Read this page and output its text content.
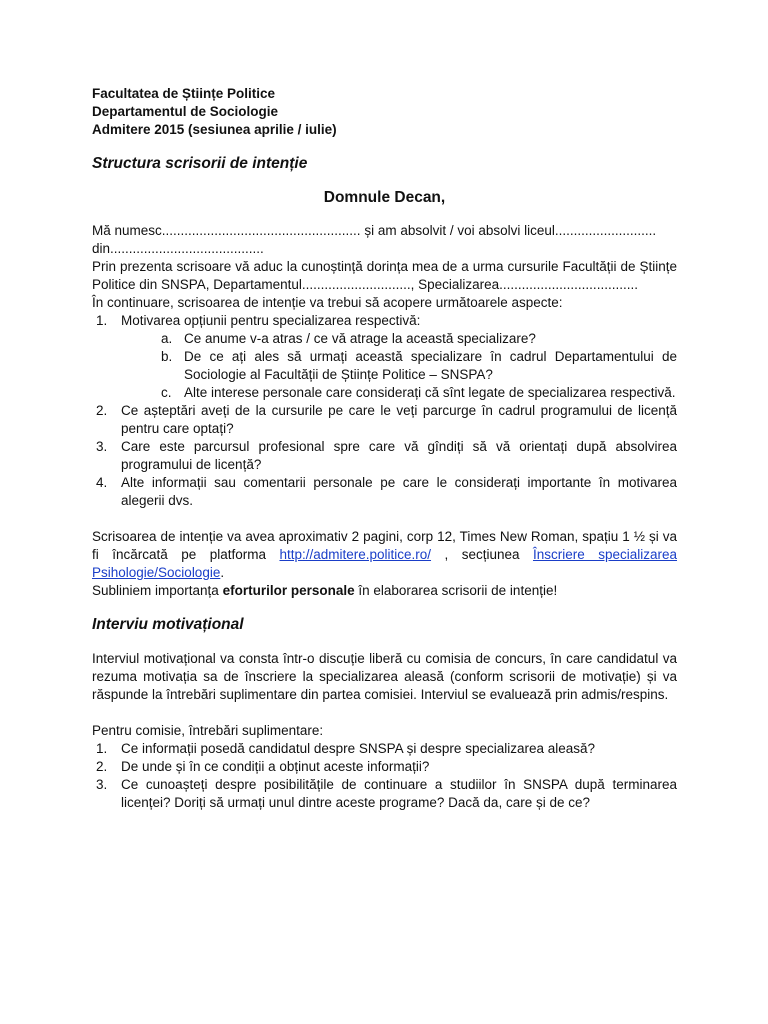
Facultatea de Științe Politice

Departamentul de Sociologie

Admitere 2015 (sesiunea aprilie / iulie)

Structura scrisorii de intenție

Domnule Decan,

Mă numesc..................................................... și am absolvit / voi absolvi liceul...........................

din.........................................

Prin prezenta scrisoare vă aduc la cunoștință dorința mea de a urma cursurile Facultății de Științe Politice din SNSPA, Departamentul............................., Specializarea.....................................

În continuare, scrisoarea de intenție va trebui să acopere următoarele aspecte:

1. Motivarea opțiunii pentru specializarea respectivă:
a. Ce anume v-a atras / ce vă atrage la această specializare?
b. De ce ați ales să urmați această specializare în cadrul Departamentului de Sociologie al Facultății de Științe Politice – SNSPA?
c. Alte interese personale care considerați că sînt legate de specializarea respectivă.
2. Ce așteptări aveți de la cursurile pe care le veți parcurge în cadrul programului de licență pentru care optați?
3. Care este parcursul profesional spre care vă gîndiți să vă orientați după absolvirea programului de licență?
4. Alte informații sau comentarii personale pe care le considerați importante în motivarea alegerii dvs.

Scrisoarea de intenție va avea aproximativ 2 pagini, corp 12, Times New Roman, spațiu 1 ½ și va fi încărcată pe platforma http://admitere.politice.ro/ , secțiunea Înscriere specializarea Psihologie/Sociologie.

Subliniem importanța eforturilor personale în elaborarea scrisorii de intenție!

Interviu motivațional

Interviul motivațional va consta într-o discuție liberă cu comisia de concurs, în care candidatul va rezuma motivația sa de înscriere la specializarea aleasă (conform scrisorii de motivație) și va răspunde la întrebări suplimentare din partea comisiei. Interviul se evaluează prin admis/respins.

Pentru comisie, întrebări suplimentare:

1. Ce informații posedă candidatul despre SNSPA și despre specializarea aleasă?
2. De unde și în ce condiții a obținut aceste informații?
3. Ce cunoașteți despre posibilitățile de continuare a studiilor în SNSPA după terminarea licenței? Doriți să urmați unul dintre aceste programe? Dacă da, care și de ce?
